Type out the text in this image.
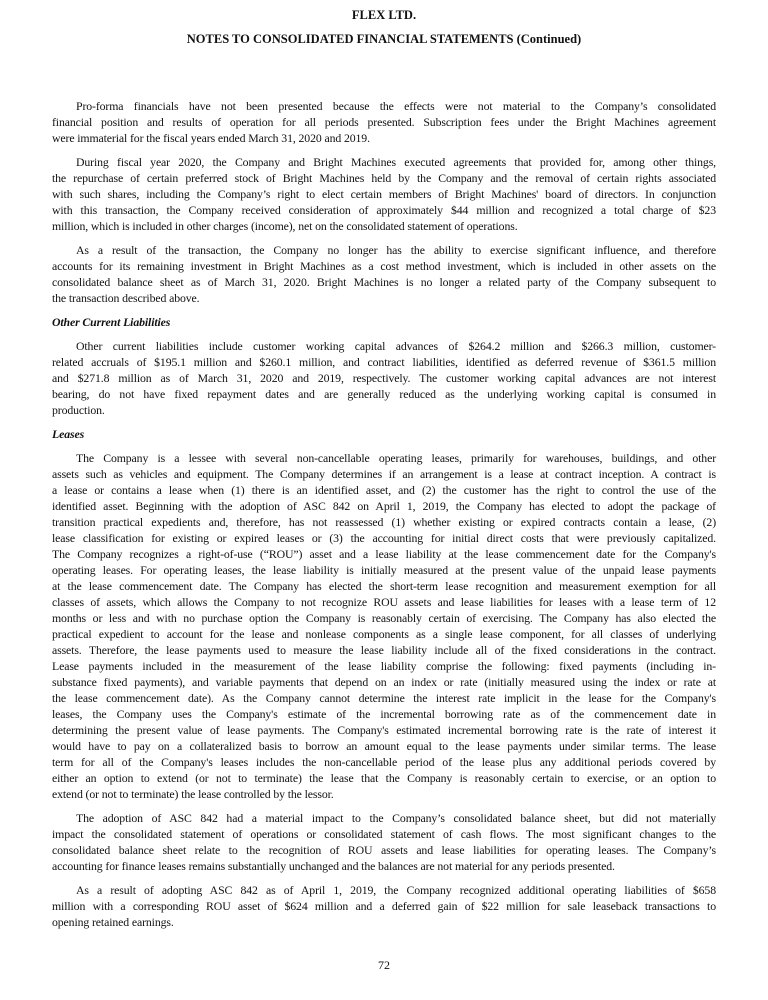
FLEX LTD.
NOTES TO CONSOLIDATED FINANCIAL STATEMENTS (Continued)
Pro-forma financials have not been presented because the effects were not material to the Company’s consolidated
financial position and results of operation for all periods presented. Subscription fees under the Bright Machines agreement
were immaterial for the fiscal years ended March 31, 2020 and 2019.
During fiscal year 2020, the Company and Bright Machines executed agreements that provided for, among other things,
the repurchase of certain preferred stock of Bright Machines held by the Company and the removal of certain rights associated
with such shares, including the Company’s right to elect certain members of Bright Machines' board of directors. In conjunction
with this transaction, the Company received consideration of approximately $44 million and recognized a total charge of $23
million, which is included in other charges (income), net on the consolidated statement of operations.
As a result of the transaction, the Company no longer has the ability to exercise significant influence, and therefore
accounts for its remaining investment in Bright Machines as a cost method investment, which is included in other assets on the
consolidated balance sheet as of March 31, 2020. Bright Machines is no longer a related party of the Company subsequent to
the transaction described above.
Other Current Liabilities
Other current liabilities include customer working capital advances of $264.2 million and $266.3 million, customer-
related accruals of $195.1 million and $260.1 million, and contract liabilities, identified as deferred revenue of $361.5 million
and $271.8 million as of March 31, 2020 and 2019, respectively. The customer working capital advances are not interest
bearing, do not have fixed repayment dates and are generally reduced as the underlying working capital is consumed in
production.
Leases
The Company is a lessee with several non-cancellable operating leases, primarily for warehouses, buildings, and other
assets such as vehicles and equipment. The Company determines if an arrangement is a lease at contract inception. A contract is
a lease or contains a lease when (1) there is an identified asset, and (2) the customer has the right to control the use of the
identified asset. Beginning with the adoption of ASC 842 on April 1, 2019, the Company has elected to adopt the package of
transition practical expedients and, therefore, has not reassessed (1) whether existing or expired contracts contain a lease, (2)
lease classification for existing or expired leases or (3) the accounting for initial direct costs that were previously capitalized.
The Company recognizes a right-of-use (“ROU”) asset and a lease liability at the lease commencement date for the Company's
operating leases. For operating leases, the lease liability is initially measured at the present value of the unpaid lease payments
at the lease commencement date. The Company has elected the short-term lease recognition and measurement exemption for all
classes of assets, which allows the Company to not recognize ROU assets and lease liabilities for leases with a lease term of 12
months or less and with no purchase option the Company is reasonably certain of exercising. The Company has also elected the
practical expedient to account for the lease and nonlease components as a single lease component, for all classes of underlying
assets. Therefore, the lease payments used to measure the lease liability include all of the fixed considerations in the contract.
Lease payments included in the measurement of the lease liability comprise the following: fixed payments (including in-
substance fixed payments), and variable payments that depend on an index or rate (initially measured using the index or rate at
the lease commencement date). As the Company cannot determine the interest rate implicit in the lease for the Company's
leases, the Company uses the Company's estimate of the incremental borrowing rate as of the commencement date in
determining the present value of lease payments. The Company's estimated incremental borrowing rate is the rate of interest it
would have to pay on a collateralized basis to borrow an amount equal to the lease payments under similar terms. The lease
term for all of the Company's leases includes the non-cancellable period of the lease plus any additional periods covered by
either an option to extend (or not to terminate) the lease that the Company is reasonably certain to exercise, or an option to
extend (or not to terminate) the lease controlled by the lessor.
The adoption of ASC 842 had a material impact to the Company’s consolidated balance sheet, but did not materially
impact the consolidated statement of operations or consolidated statement of cash flows. The most significant changes to the
consolidated balance sheet relate to the recognition of ROU assets and lease liabilities for operating leases. The Company’s
accounting for finance leases remains substantially unchanged and the balances are not material for any periods presented.
As a result of adopting ASC 842 as of April 1, 2019, the Company recognized additional operating liabilities of $658
million with a corresponding ROU asset of $624 million and a deferred gain of $22 million for sale leaseback transactions to
opening retained earnings.
72
